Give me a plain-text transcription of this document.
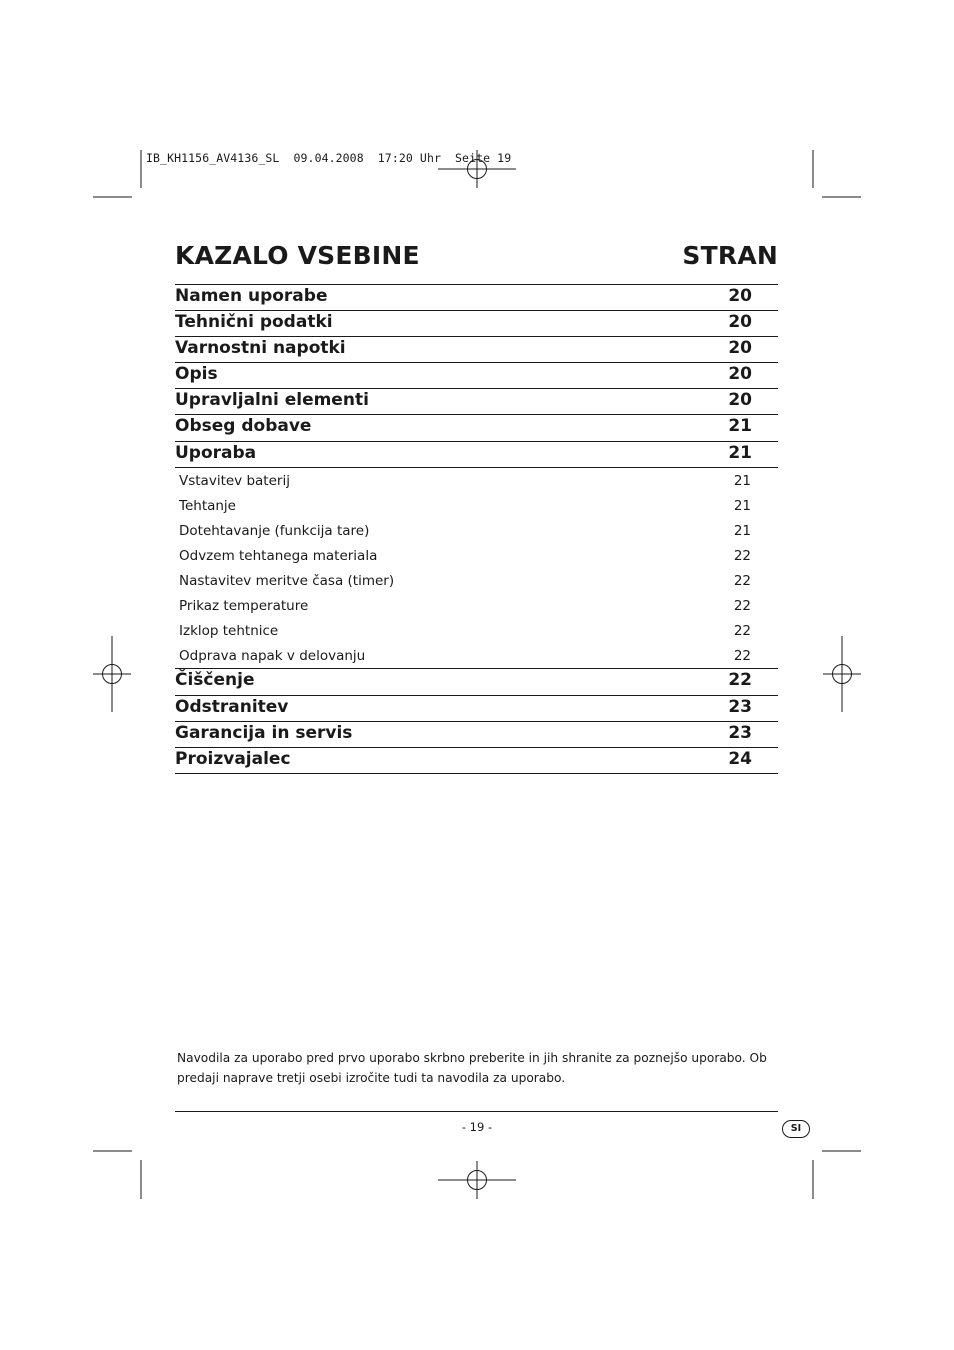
IB_KH1156_AV4136_SL  09.04.2008  17:20 Uhr  Seite 19
KAZALO VSEBINE	STRAN
Namen uporabe	20
Tehnični podatki	20
Varnostni napotki	20
Opis	20
Upravljalni elementi	20
Obseg dobave	21
Uporaba	21
Vstavitev baterij	21
Tehtanje	21
Dotehtavanje (funkcija tare)	21
Odvzem tehtanega materiala	22
Nastavitev meritve časa (timer)	22
Prikaz temperature	22
Izklop tehtnice	22
Odprava napak v delovanju	22
Čiščenje	22
Odstranitev	23
Garancija in servis	23
Proizvajalec	24
Navodila za uporabo pred prvo uporabo skrbno preberite in jih shranite za poznejšo uporabo. Ob predaji naprave tretji osebi izročite tudi ta navodila za uporabo.
- 19 -	SI
